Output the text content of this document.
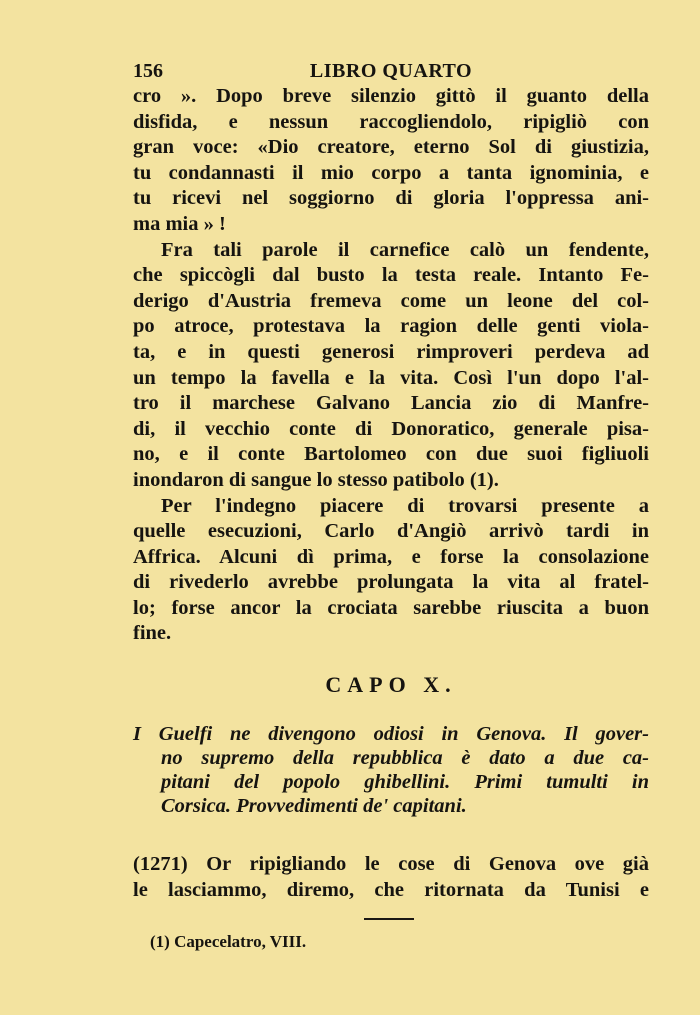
156	LIBRO QUARTO
cro ». Dopo breve silenzio gittò il guanto della
disfida, e nessun raccogliendolo, ripigliò con
gran voce: «Dio creatore, eterno Sol di giustizia,
tu condannasti il mio corpo a tanta ignominia, e
tu ricevi nel soggiorno di gloria l'oppressa ani-
ma mia » !
Fra tali parole il carnefice calò un fendente,
che spiccògli dal busto la testa reale. Intanto Fe-
derigo d'Austria fremeva come un leone del col-
po atroce, protestava la ragion delle genti viola-
ta, e in questi generosi rimproveri perdeva ad
un tempo la favella e la vita. Così l'un dopo l'al-
tro il marchese Galvano Lancia zio di Manfre-
di, il vecchio conte di Donoratico, generale pisa-
no, e il conte Bartolomeo con due suoi figliuoli
inondaron di sangue lo stesso patibolo (1).
Per l'indegno piacere di trovarsi presente a
quelle esecuzioni, Carlo d'Angiò arrivò tardi in
Affrica. Alcuni dì prima, e forse la consolazione
di rivederlo avrebbe prolungata la vita al fratel-
lo; forse ancor la crociata sarebbe riuscita a buon
fine.
CAPO X.
I Guelfi ne divengono odiosi in Genova. Il gover-
no supremo della repubblica è dato a due ca-
pitani del popolo ghibellini. Primi tumulti in
Corsica. Provvedimenti de' capitani.
(1271) Or ripigliando le cose di Genova ove già
le lasciammo, diremo, che ritornata da Tunisi e
(1) Capecelatro, VIII.
